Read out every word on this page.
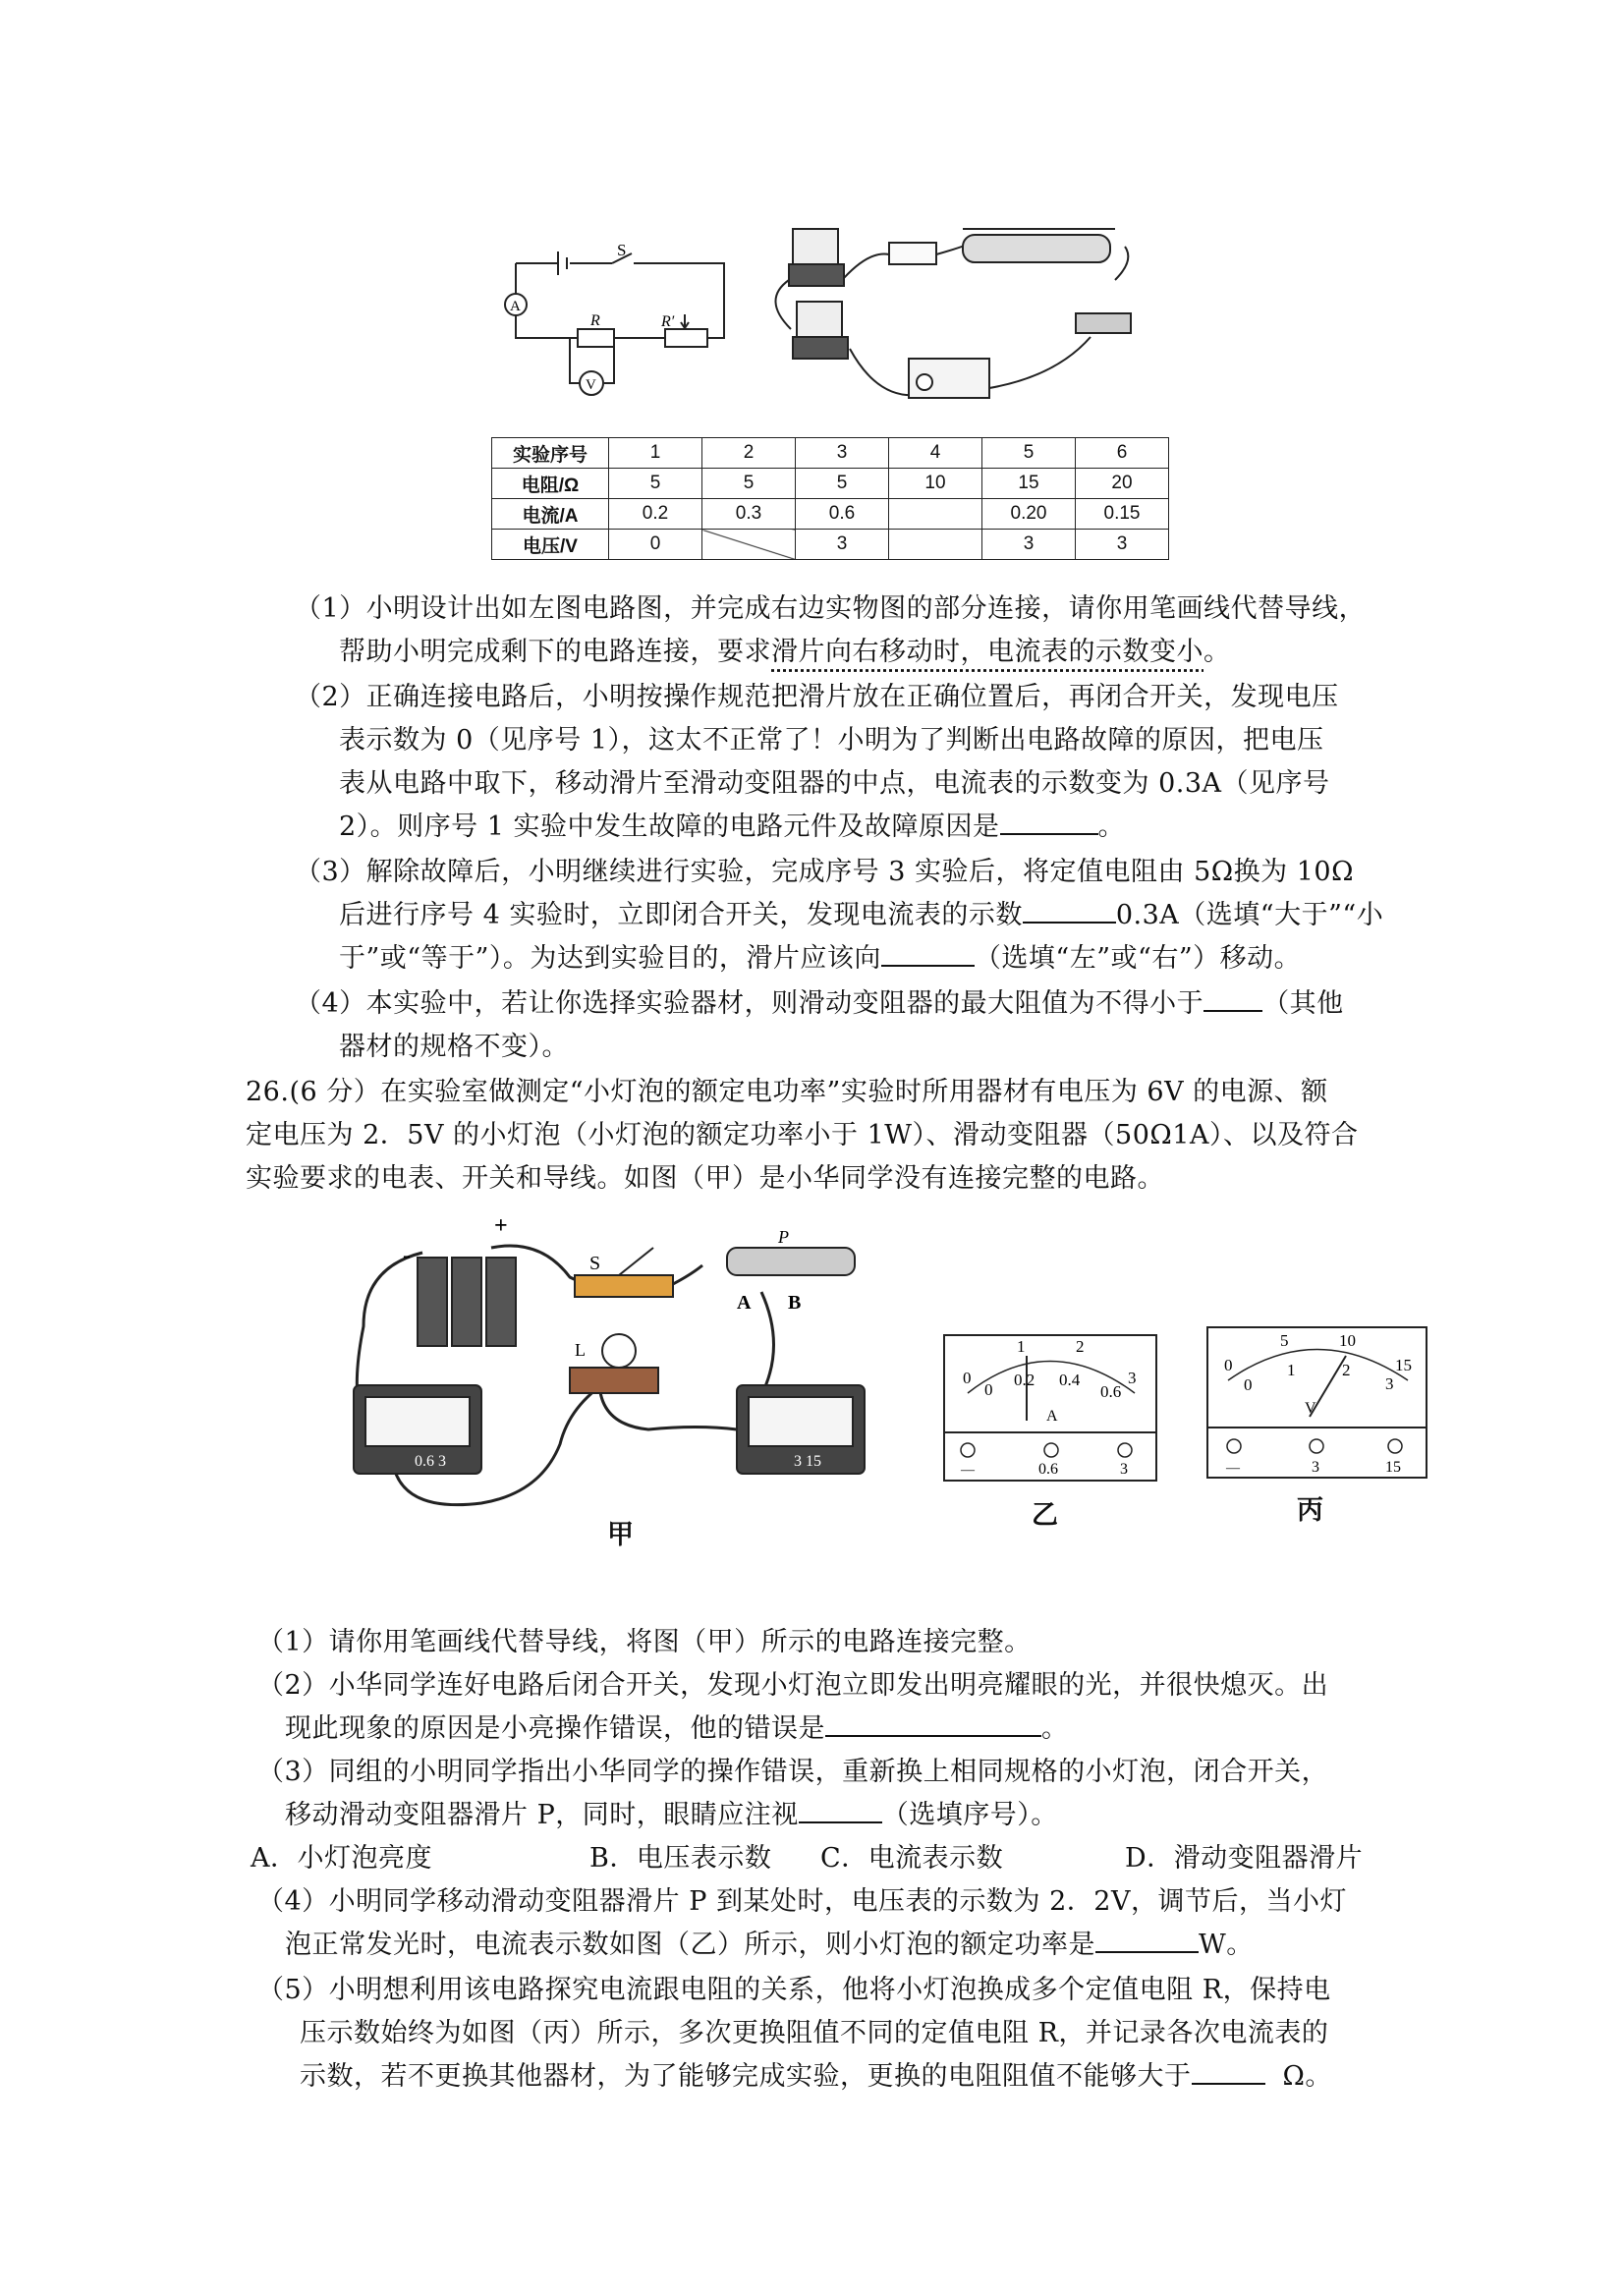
S
A
R	R′
V
实验序号	1	2	3	4	5	6
电阻/Ω	5	5	5	10	15	20
电流/A	0.2	0.3	0.6		0.20	0.15
电压/V	0		3		3	3
（1）小明设计出如左图电路图，并完成右边实物图的部分连接，请你用笔画线代替导线，
帮助小明完成剩下的电路连接，要求滑片向右移动时，电流表的示数变小。
（2）正确连接电路后，小明按操作规范把滑片放在正确位置后，再闭合开关，发现电压
表示数为 0（见序号 1），这太不正常了！小明为了判断出电路故障的原因，把电压
表从电路中取下，移动滑片至滑动变阻器的中点，电流表的示数变为 0.3A（见序号
2）。则序号 1 实验中发生故障的电路元件及故障原因是	。
（3）解除故障后，小明继续进行实验，完成序号 3 实验后，将定值电阻由 5Ω换为 10Ω
后进行序号 4 实验时，立即闭合开关，发现电流表的示数	0.3A（选填“大于”“小
于”或“等于”）。为达到实验目的，滑片应该向	（选填“左”或“右”）移动。
（4）本实验中，若让你选择实验器材，则滑动变阻器的最大阻值为不得小于 （其他
器材的规格不变）。
26.(6 分）在实验室做测定“小灯泡的额定电功率”实验时所用器材有电压为 6V 的电源、额
定电压为 2．5V 的小灯泡（小灯泡的额定功率小于 1W）、滑动变阻器（50Ω1A）、以及符合
实验要求的电表、开关和导线。如图（甲）是小华同学没有连接完整的电路。
+
-	S
L
P
A B
0.6 3	3 15
甲
0
1	2
3
0
0.2 0.4
0.6
A
—	0.6	3
乙
0
5	10
15
0
1	2
3
V
—	3	15
丙
（1）请你用笔画线代替导线，将图（甲）所示的电路连接完整。
（2）小华同学连好电路后闭合开关，发现小灯泡立即发出明亮耀眼的光，并很快熄灭。出
现此现象的原因是小亮操作错误，他的错误是	。
（3）同组的小明同学指出小华同学的操作错误，重新换上相同规格的小灯泡，闭合开关，
移动滑动变阻器滑片 P，同时，眼睛应注视	（选填序号）。
A．小灯泡亮度	B．电压表示数 C．电流表示数	D．滑动变阻器滑片
（4）小明同学移动滑动变阻器滑片 P 到某处时，电压表的示数为 2．2V，调节后，当小灯
泡正常发光时，电流表示数如图（乙）所示，则小灯泡的额定功率是	W。
（5）小明想利用该电路探究电流跟电阻的关系，他将小灯泡换成多个定值电阻 R，保持电
压示数始终为如图（丙）所示，多次更换阻值不同的定值电阻 R，并记录各次电流表的
示数，若不更换其他器材，为了能够完成实验，更换的电阻阻值不能够大于	Ω。
